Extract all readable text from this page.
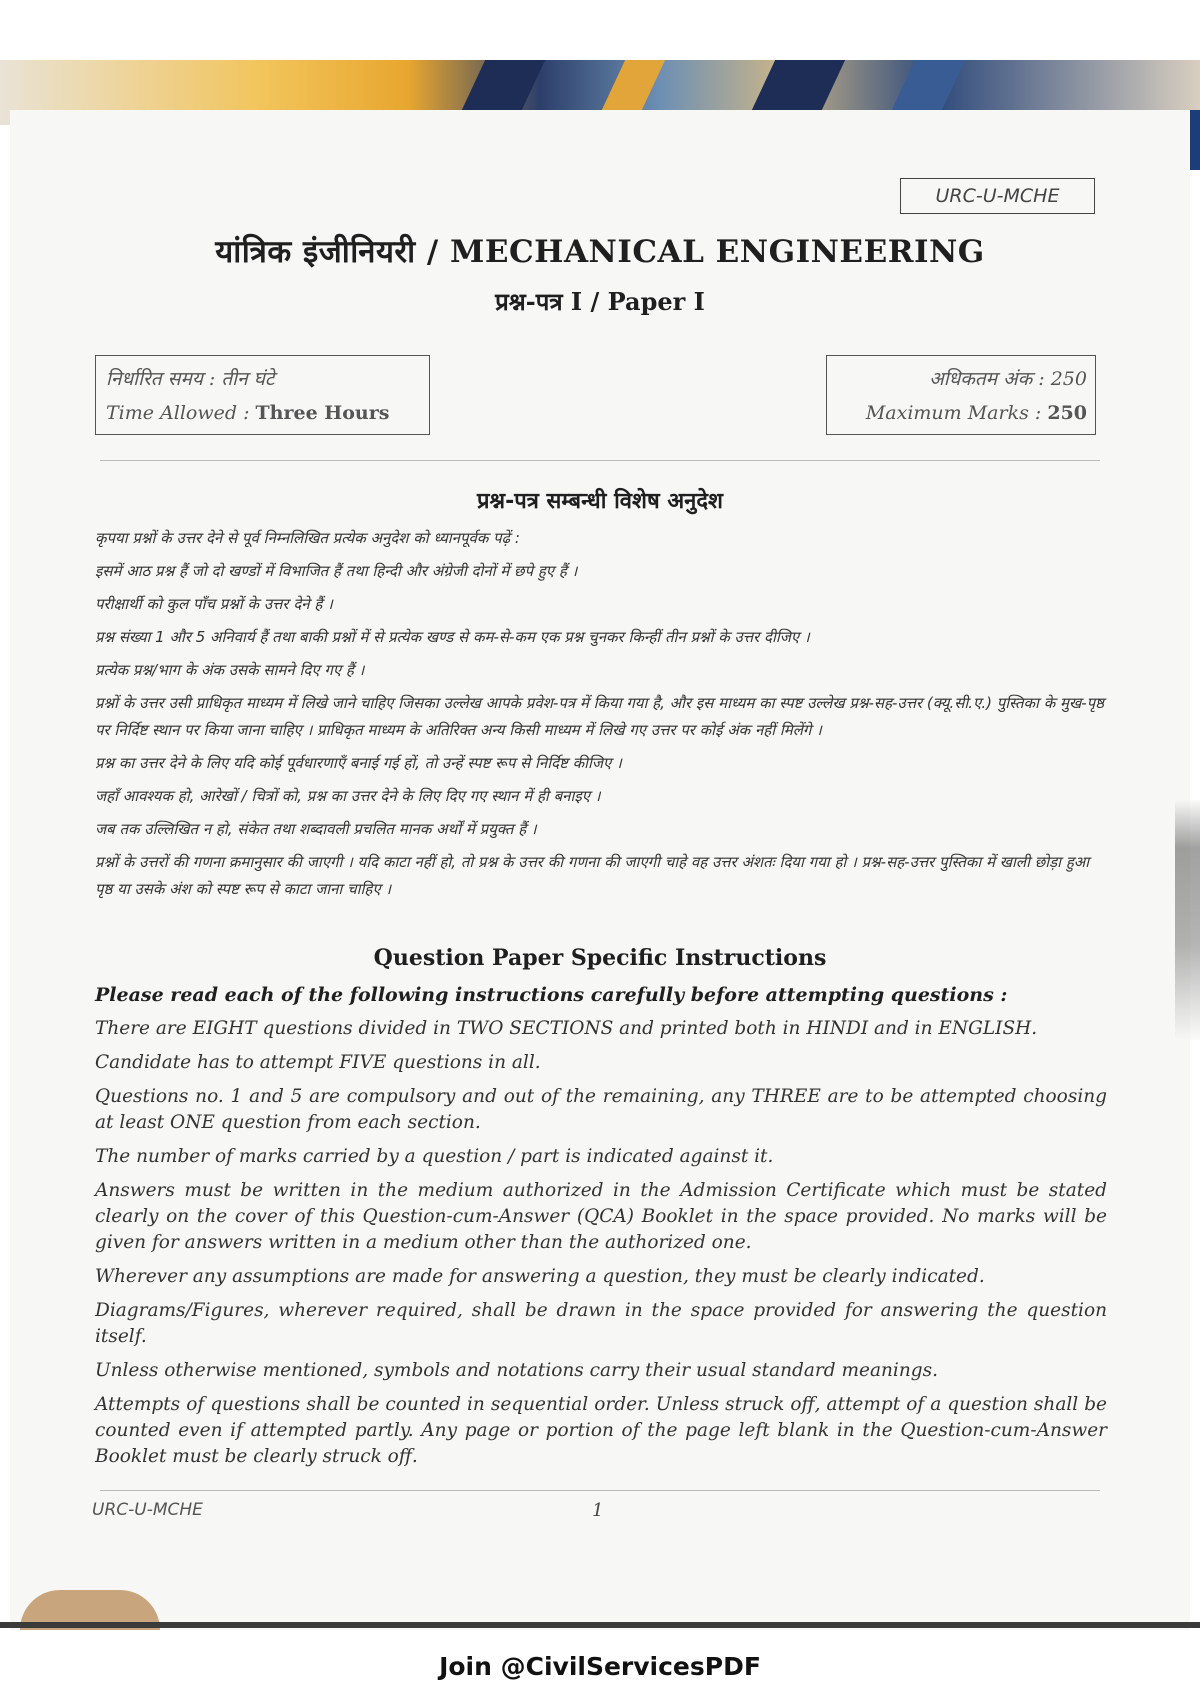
URC-U-MCHE
यांत्रिक इंजीनियरी / MECHANICAL ENGINEERING
प्रश्न-पत्र I / Paper I
निर्धारित समय : तीन घंटे
Time Allowed : Three Hours
अधिकतम अंक : 250
Maximum Marks : 250
प्रश्न-पत्र सम्बन्धी विशेष अनुदेश

कृपया प्रश्नों के उत्तर देने से पूर्व निम्नलिखित प्रत्येक अनुदेश को ध्यानपूर्वक पढ़ें :

इसमें आठ प्रश्न हैं जो दो खण्डों में विभाजित हैं तथा हिन्दी और अंग्रेजी दोनों में छपे हुए हैं ।

परीक्षार्थी को कुल पाँच प्रश्नों के उत्तर देने हैं ।

प्रश्न संख्या 1 और 5 अनिवार्य हैं तथा बाकी प्रश्नों में से प्रत्येक खण्ड से कम-से-कम एक प्रश्न चुनकर किन्हीं तीन प्रश्नों के उत्तर दीजिए ।

प्रत्येक प्रश्न/भाग के अंक उसके सामने दिए गए हैं ।

प्रश्नों के उत्तर उसी प्राधिकृत माध्यम में लिखे जाने चाहिए जिसका उल्लेख आपके प्रवेश-पत्र में किया गया है, और इस माध्यम का स्पष्ट उल्लेख प्रश्न-सह-उत्तर (क्यू.सी.ए.) पुस्तिका के मुख-पृष्ठ पर निर्दिष्ट स्थान पर किया जाना चाहिए । प्राधिकृत माध्यम के अतिरिक्त अन्य किसी माध्यम में लिखे गए उत्तर पर कोई अंक नहीं मिलेंगे ।

प्रश्न का उत्तर देने के लिए यदि कोई पूर्वधारणाएँ बनाई गई हों, तो उन्हें स्पष्ट रूप से निर्दिष्ट कीजिए ।

जहाँ आवश्यक हो, आरेखों / चित्रों को, प्रश्न का उत्तर देने के लिए दिए गए स्थान में ही बनाइए ।

जब तक उल्लिखित न हो, संकेत तथा शब्दावली प्रचलित मानक अर्थों में प्रयुक्त हैं ।

प्रश्नों के उत्तरों की गणना क्रमानुसार की जाएगी । यदि काटा नहीं हो, तो प्रश्न के उत्तर की गणना की जाएगी चाहे वह उत्तर अंशतः दिया गया हो । प्रश्न-सह-उत्तर पुस्तिका में खाली छोड़ा हुआ पृष्ठ या उसके अंश को स्पष्ट रूप से काटा जाना चाहिए ।

Question Paper Specific Instructions

Please read each of the following instructions carefully before attempting questions :

There are EIGHT questions divided in TWO SECTIONS and printed both in HINDI and in ENGLISH.

Candidate has to attempt FIVE questions in all.

Questions no. 1 and 5 are compulsory and out of the remaining, any THREE are to be attempted choosing at least ONE question from each section.

The number of marks carried by a question / part is indicated against it.

Answers must be written in the medium authorized in the Admission Certificate which must be stated clearly on the cover of this Question-cum-Answer (QCA) Booklet in the space provided. No marks will be given for answers written in a medium other than the authorized one.

Wherever any assumptions are made for answering a question, they must be clearly indicated.

Diagrams/Figures, wherever required, shall be drawn in the space provided for answering the question itself.

Unless otherwise mentioned, symbols and notations carry their usual standard meanings.

Attempts of questions shall be counted in sequential order. Unless struck off, attempt of a question shall be counted even if attempted partly. Any page or portion of the page left blank in the Question-cum-Answer Booklet must be clearly struck off.

URC-U-MCHE	1
Join @CivilServicesPDF
